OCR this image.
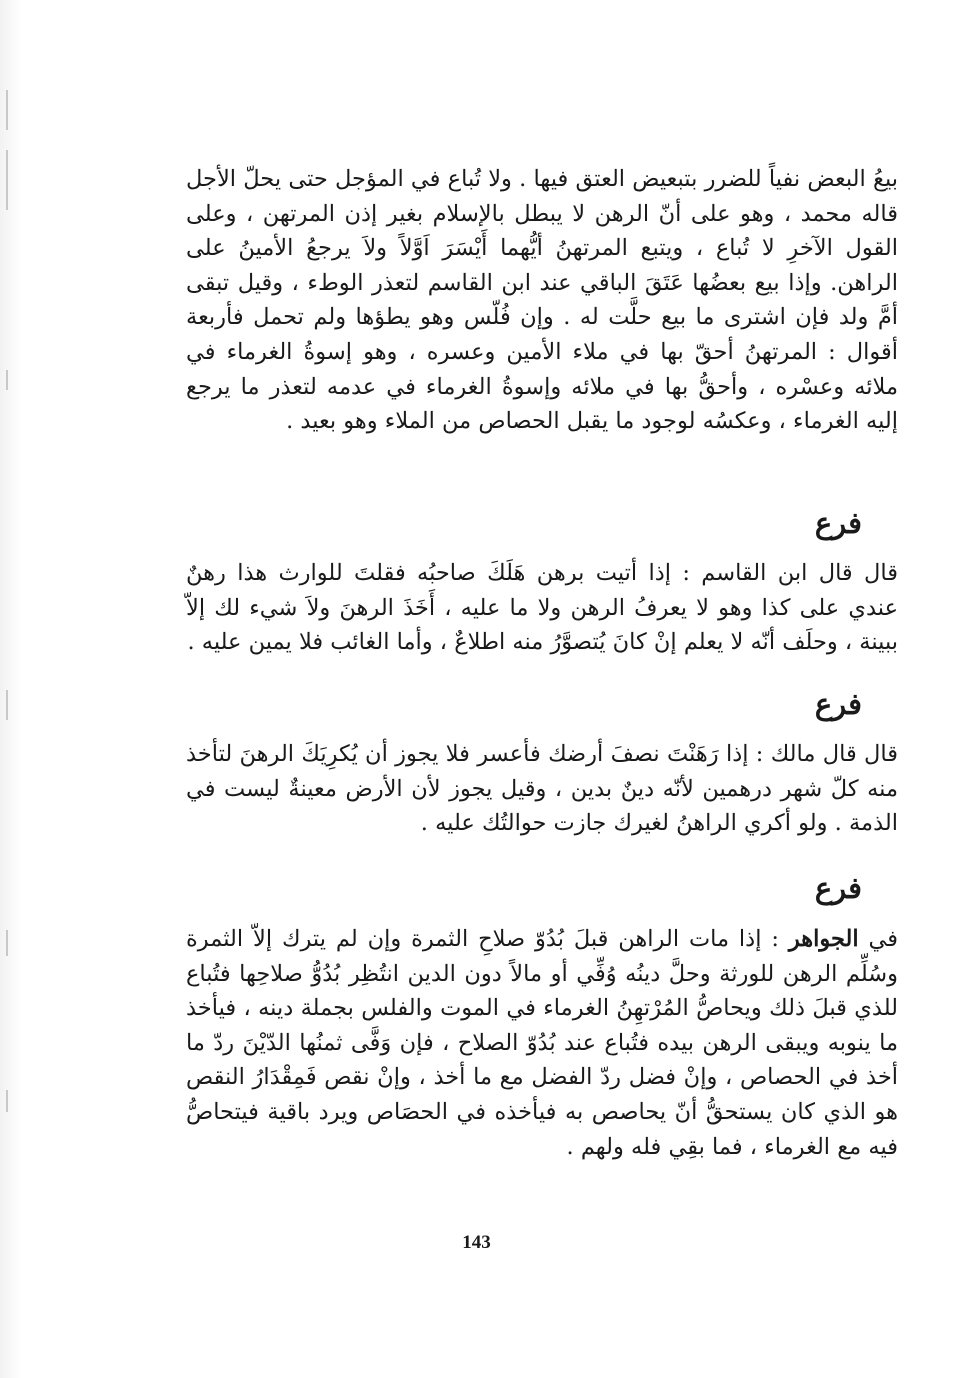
بيعُ البعض نفياً للضرر بتبعيض العتق فيها . ولا تُباع في المؤجل حتى يحلّ الأجل قاله محمد ، وهو على أنّ الرهن لا يبطل بالإسلام بغير إذن المرتهن ، وعلى القول الآخرِ لا تُباع ، ويتبع المرتهنُ أيُّهما أَيْسَرَ اَوَّلاً ولاَ يرجعُ الأمينُ على الراهن. وإذا بيع بعضُها عَتَقَ الباقي عند ابن القاسم لتعذر الوطء ، وقيل تبقى أمَّ ولد فإن اشترى ما بيع حلَّت له . وإن فُلّس وهو يطؤها ولم تحمل فأربعة أقوال : المرتهنُ أحقّ بها في ملاء الأمين وعسره ، وهو إسوةُ الغرماء في ملائه وعسْره ، وأحقُّ بها في ملائه وإسوةُ الغرماء في عدمه لتعذر ما يرجع إليه الغرماء ، وعكسُه لوجود ما يقبل الحصاص من الملاء وهو بعيد .

فرع

قال قال ابن القاسم : إذا أتيت برهن هَلَكَ صاحبُه فقلتَ للوارث هذا رهنٌ عندي على كذا وهو لا يعرفُ الرهن ولا ما عليه ، أَخَذَ الرهنَ ولاَ شيء لك إلاّ ببينة ، وحلَف أنّه لا يعلم إنْ كانَ يُتصوَّرُ منه اطلاعٌ ، وأما الغائب فلا يمين عليه .

فرع

قال قال مالك : إذا رَهَنْتَ نصفَ أرضك فأعسر فلا يجوز أن يُكرِيَكَ الرهنَ لتأخذ منه كلّ شهر درهمين لأنّه دينٌ بدين ، وقيل يجوز لأن الأرض معينةٌ ليست في الذمة . ولو أكري الراهنُ لغيرك جازت حوالتُك عليه .

فرع

في الجواهر : إذا مات الراهن قبلَ بُدُوّ صلاحِ الثمرة وإن لم يترك إلاّ الثمرة وسُلِّم الرهن للورثة وحلَّ دينُه وُفِّي أو مالاً دون الدين انتُظِر بُدُوُّ صلاحِها فتُباع للذي قبلَ ذلك ويحاصُّ المُرْتهِنُ الغرماء في الموت والفلس بجملة دينه ، فيأخذ ما ينوبه ويبقى الرهن بيده فتُباع عند بُدُوّ الصلاح ، فإن وَفَّى ثمنُها الدّيْنَ ردّ ما أخذ في الحصاص ، وإنْ فضل ردّ الفضل مع ما أخذ ، وإنْ نقص فَمِقْدَارُ النقص هو الذي كان يستحقُّ أنّ يحاصص به فيأخذه في الحصَاص ويرد باقية فيتحاصُّ فيه مع الغرماء ، فما بقِي فله ولهم .

143
